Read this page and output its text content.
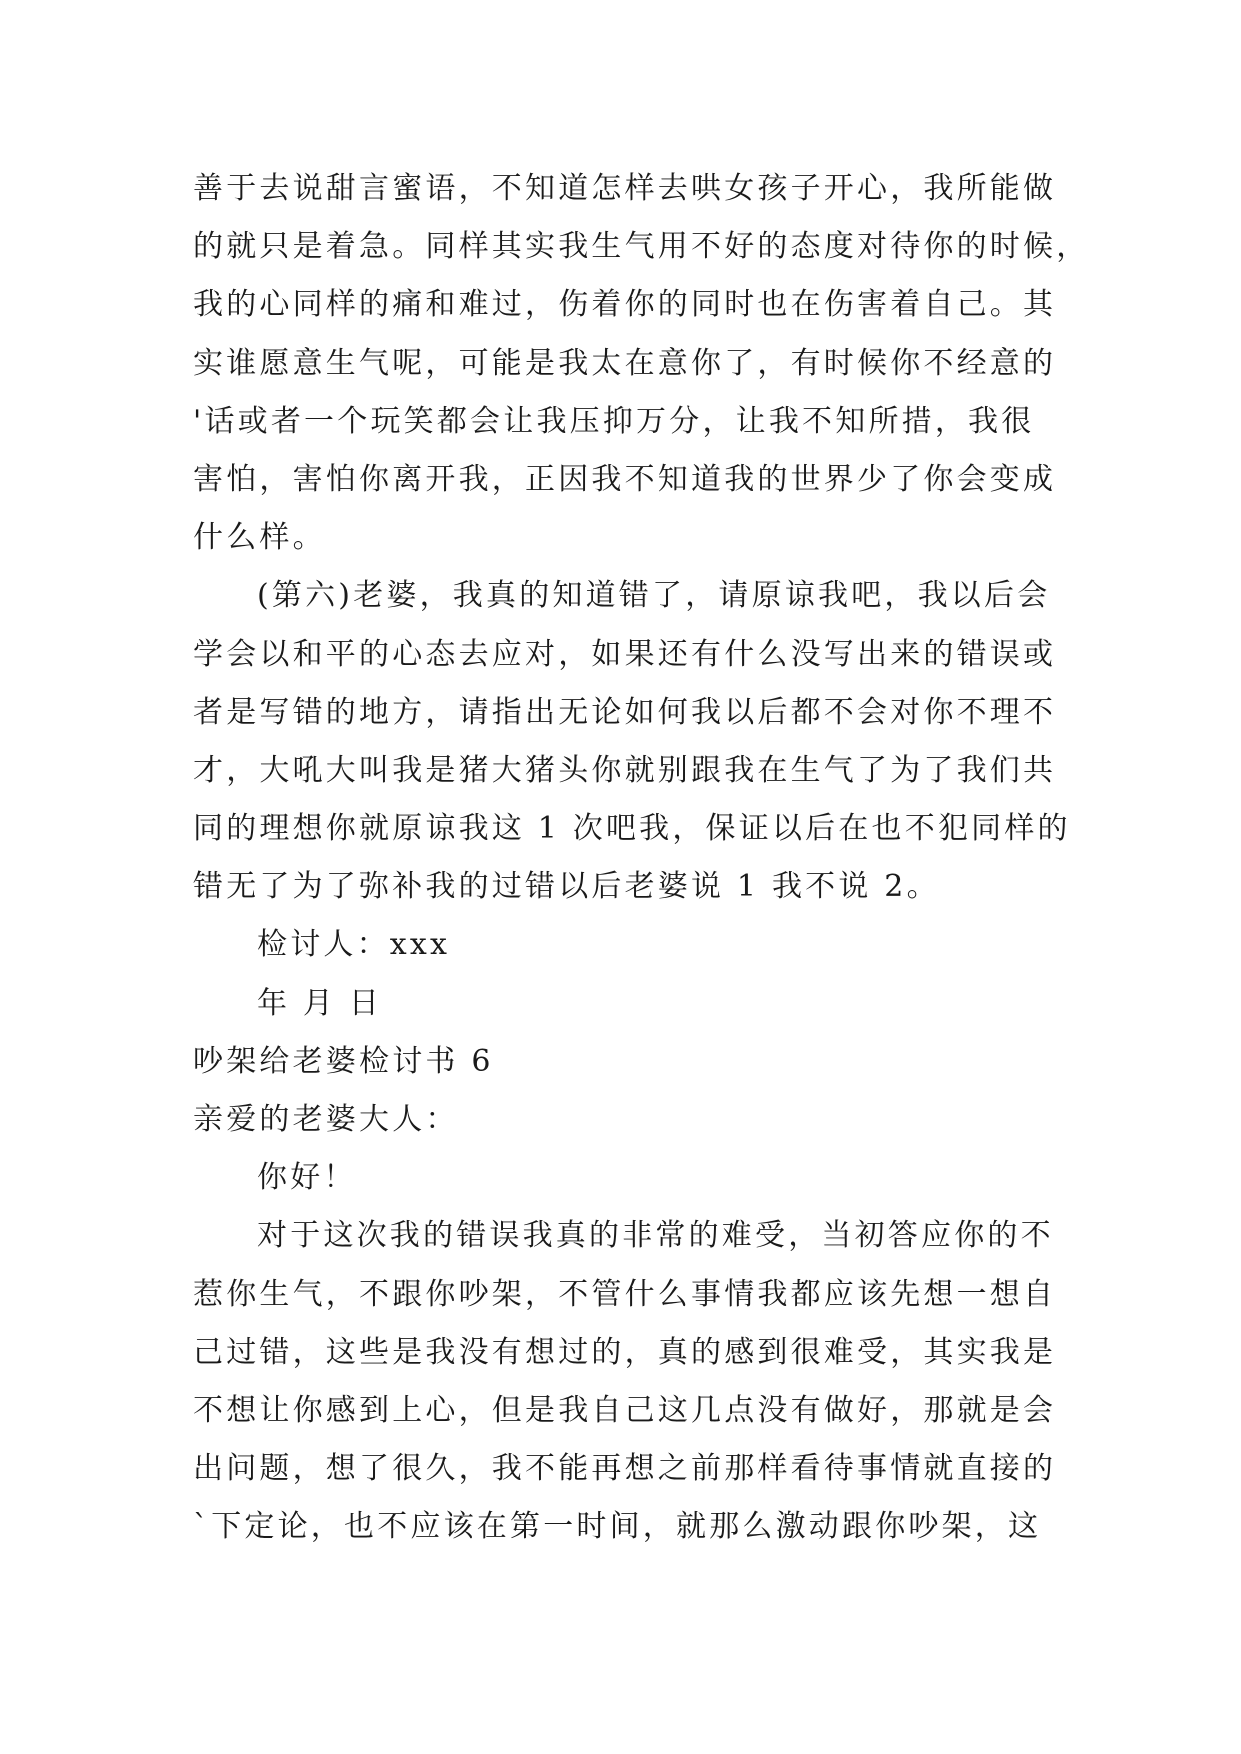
善于去说甜言蜜语，不知道怎样去哄女孩子开心，我所能做
的就只是着急。同样其实我生气用不好的态度对待你的时候，
我的心同样的痛和难过，伤着你的同时也在伤害着自己。其
实谁愿意生气呢，可能是我太在意你了，有时候你不经意的
'话或者一个玩笑都会让我压抑万分，让我不知所措，我很
害怕，害怕你离开我，正因我不知道我的世界少了你会变成
什么样。
(第六)老婆，我真的知道错了，请原谅我吧，我以后会
学会以和平的心态去应对，如果还有什么没写出来的错误或
者是写错的地方，请指出无论如何我以后都不会对你不理不
才，大吼大叫我是猪大猪头你就别跟我在生气了为了我们共
同的理想你就原谅我这 1 次吧我，保证以后在也不犯同样的
错无了为了弥补我的过错以后老婆说 1 我不说 2。
检讨人：xxx
年 月 日
吵架给老婆检讨书 6
亲爱的老婆大人：
你好！
对于这次我的错误我真的非常的难受，当初答应你的不
惹你生气，不跟你吵架，不管什么事情我都应该先想一想自
己过错，这些是我没有想过的，真的感到很难受，其实我是
不想让你感到上心，但是我自己这几点没有做好，那就是会
出问题，想了很久，我不能再想之前那样看待事情就直接的
`下定论，也不应该在第一时间，就那么激动跟你吵架，这
